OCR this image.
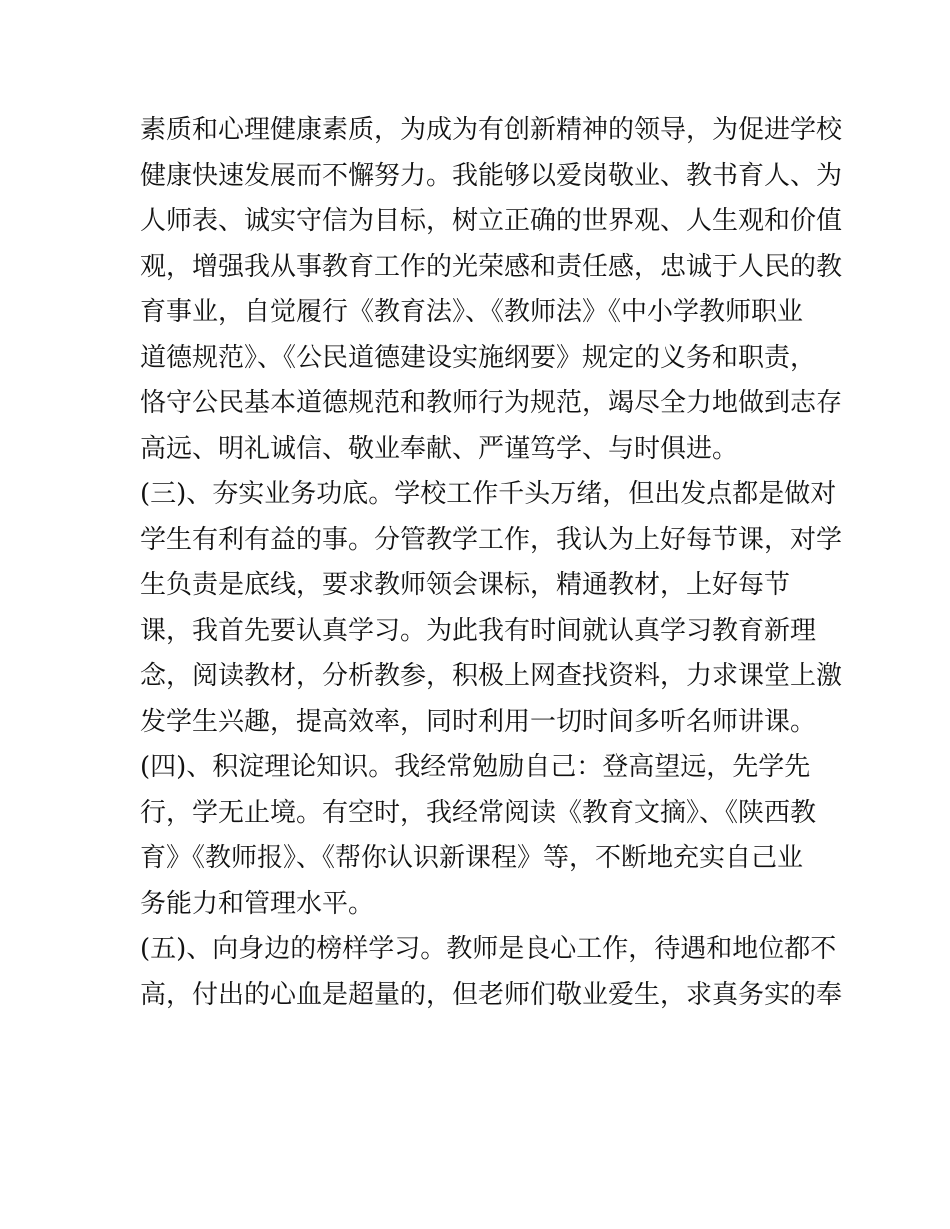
素质和心理健康素质，为成为有创新精神的领导，为促进学校
健康快速发展而不懈努力。我能够以爱岗敬业、教书育人、为
人师表、诚实守信为目标，树立正确的世界观、人生观和价值
观，增强我从事教育工作的光荣感和责任感，忠诚于人民的教
育事业，自觉履行《教育法》、《教师法》《中小学教师职业
道德规范》、《公民道德建设实施纲要》规定的义务和职责，
恪守公民基本道德规范和教师行为规范，竭尽全力地做到志存
高远、明礼诚信、敬业奉献、严谨笃学、与时俱进。
(三)、夯实业务功底。学校工作千头万绪，但出发点都是做对
学生有利有益的事。分管教学工作，我认为上好每节课，对学
生负责是底线，要求教师领会课标，精通教材，上好每节
课，我首先要认真学习。为此我有时间就认真学习教育新理
念，阅读教材，分析教参，积极上网查找资料，力求课堂上激
发学生兴趣，提高效率，同时利用一切时间多听名师讲课。
(四)、积淀理论知识。我经常勉励自己：登高望远，先学先
行，学无止境。有空时，我经常阅读《教育文摘》、《陕西教
育》《教师报》、《帮你认识新课程》等，不断地充实自己业
务能力和管理水平。
(五)、向身边的榜样学习。教师是良心工作，待遇和地位都不
高，付出的心血是超量的，但老师们敬业爱生，求真务实的奉
